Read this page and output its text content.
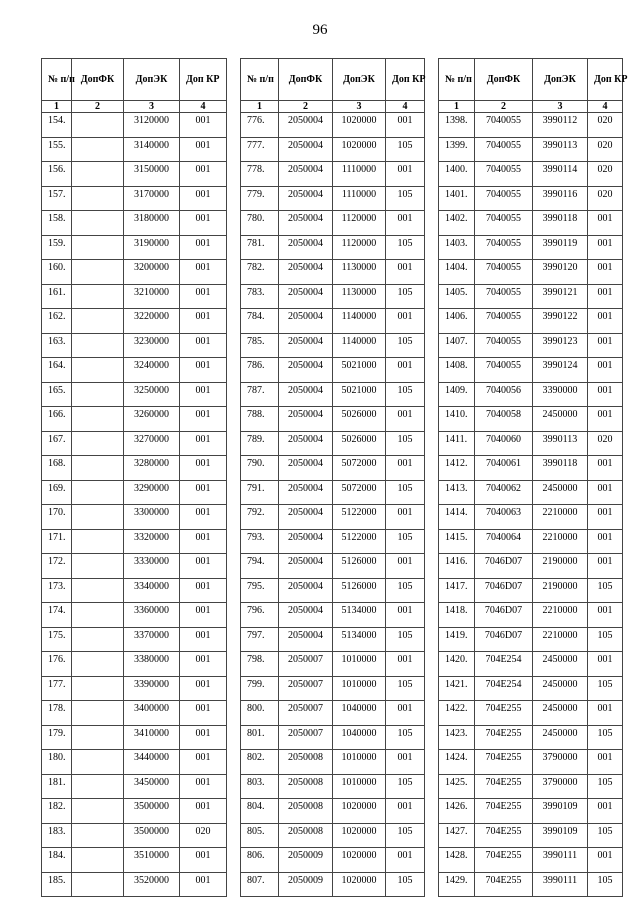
96
№ п/п	ДопФК	ДопЭК	Доп КР
1	2	3	4
154.		3120000	001
155.		3140000	001
156.		3150000	001
157.		3170000	001
158.		3180000	001
159.		3190000	001
160.		3200000	001
161.		3210000	001
162.		3220000	001
163.		3230000	001
164.		3240000	001
165.		3250000	001
166.		3260000	001
167.		3270000	001
168.		3280000	001
169.		3290000	001
170.		3300000	001
171.		3320000	001
172.		3330000	001
173.		3340000	001
174.		3360000	001
175.		3370000	001
176.		3380000	001
177.		3390000	001
178.		3400000	001
179.		3410000	001
180.		3440000	001
181.		3450000	001
182.		3500000	001
183.		3500000	020
184.		3510000	001
185.		3520000	001
№ п/п	ДопФК	ДопЭК	Доп КР
1	2	3	4
776.	2050004	1020000	001
777.	2050004	1020000	105
778.	2050004	1110000	001
779.	2050004	1110000	105
780.	2050004	1120000	001
781.	2050004	1120000	105
782.	2050004	1130000	001
783.	2050004	1130000	105
784.	2050004	1140000	001
785.	2050004	1140000	105
786.	2050004	5021000	001
787.	2050004	5021000	105
788.	2050004	5026000	001
789.	2050004	5026000	105
790.	2050004	5072000	001
791.	2050004	5072000	105
792.	2050004	5122000	001
793.	2050004	5122000	105
794.	2050004	5126000	001
795.	2050004	5126000	105
796.	2050004	5134000	001
797.	2050004	5134000	105
798.	2050007	1010000	001
799.	2050007	1010000	105
800.	2050007	1040000	001
801.	2050007	1040000	105
802.	2050008	1010000	001
803.	2050008	1010000	105
804.	2050008	1020000	001
805.	2050008	1020000	105
806.	2050009	1020000	001
807.	2050009	1020000	105
№ п/п	ДопФК	ДопЭК	Доп КР
1	2	3	4
1398.	7040055	3990112	020
1399.	7040055	3990113	020
1400.	7040055	3990114	020
1401.	7040055	3990116	020
1402.	7040055	3990118	001
1403.	7040055	3990119	001
1404.	7040055	3990120	001
1405.	7040055	3990121	001
1406.	7040055	3990122	001
1407.	7040055	3990123	001
1408.	7040055	3990124	001
1409.	7040056	3390000	001
1410.	7040058	2450000	001
1411.	7040060	3990113	020
1412.	7040061	3990118	001
1413.	7040062	2450000	001
1414.	7040063	2210000	001
1415.	7040064	2210000	001
1416.	7046D07	2190000	001
1417.	7046D07	2190000	105
1418.	7046D07	2210000	001
1419.	7046D07	2210000	105
1420.	704E254	2450000	001
1421.	704E254	2450000	105
1422.	704E255	2450000	001
1423.	704E255	2450000	105
1424.	704E255	3790000	001
1425.	704E255	3790000	105
1426.	704E255	3990109	001
1427.	704E255	3990109	105
1428.	704E255	3990111	001
1429.	704E255	3990111	105
